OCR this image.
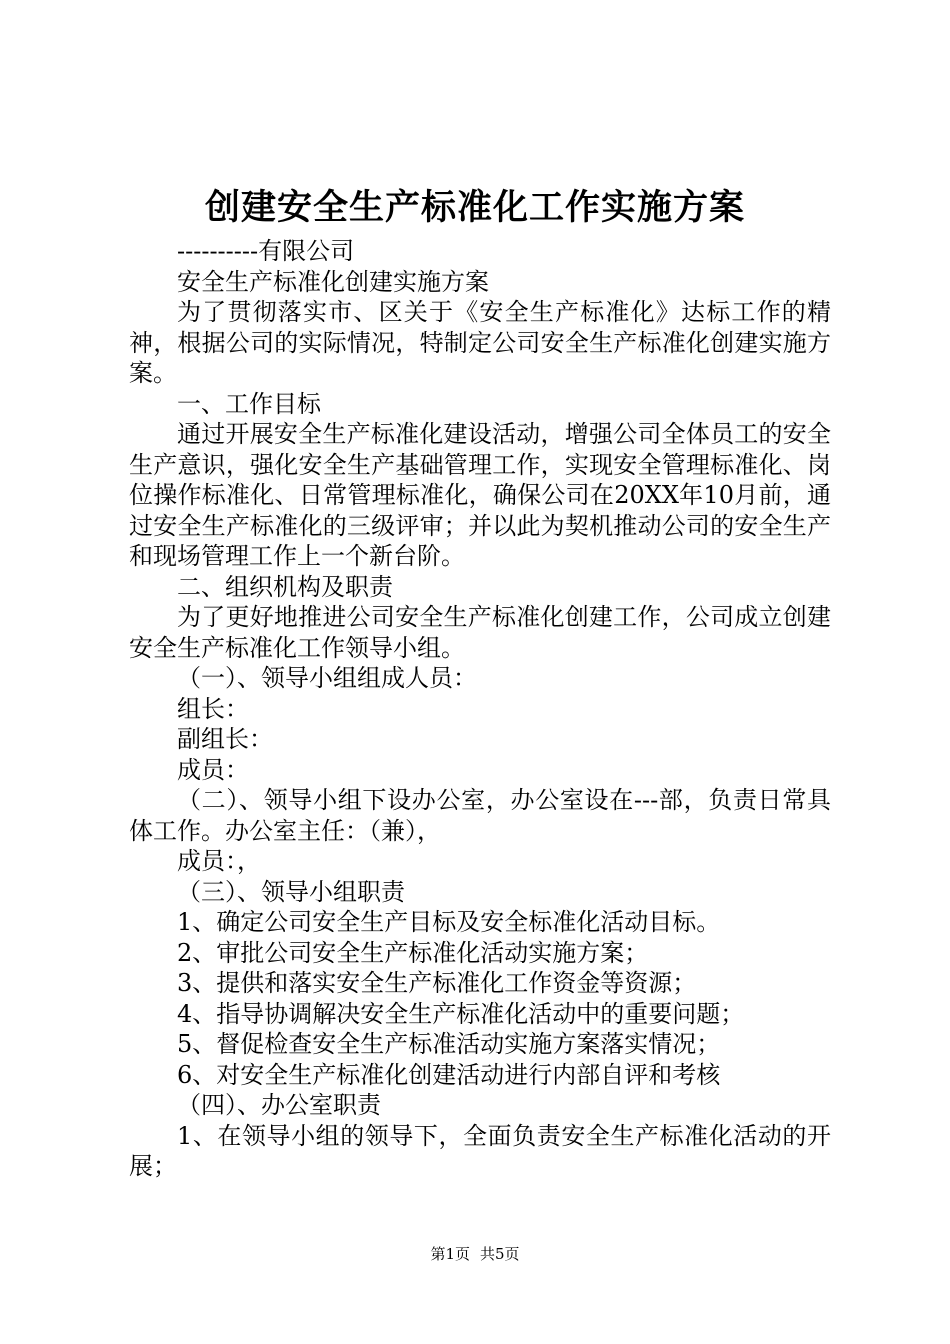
创建安全生产标准化工作实施方案

----------有限公司

安全生产标准化创建实施方案

为了贯彻落实市、区关于《安全生产标准化》达标工作的精神，根据公司的实际情况，特制定公司安全生产标准化创建实施方案。

一、工作目标

通过开展安全生产标准化建设活动，增强公司全体员工的安全生产意识，强化安全生产基础管理工作，实现安全管理标准化、岗位操作标准化、日常管理标准化，确保公司在20XX年10月前，通过安全生产标准化的三级评审；并以此为契机推动公司的安全生产和现场管理工作上一个新台阶。

二、组织机构及职责

为了更好地推进公司安全生产标准化创建工作，公司成立创建安全生产标准化工作领导小组。

（一）、领导小组组成人员：

组长：

副组长：

成员：

（二）、领导小组下设办公室，办公室设在---部，负责日常具体工作。办公室主任：（兼），

成员：，

（三）、领导小组职责

1、确定公司安全生产目标及安全标准化活动目标。

2、审批公司安全生产标准化活动实施方案；

3、提供和落实安全生产标准化工作资金等资源；

4、指导协调解决安全生产标准化活动中的重要问题；

5、督促检查安全生产标准活动实施方案落实情况；

6、对安全生产标准化创建活动进行内部自评和考核

（四）、办公室职责

1、在领导小组的领导下，全面负责安全生产标准化活动的开展；

第1页 共5页
